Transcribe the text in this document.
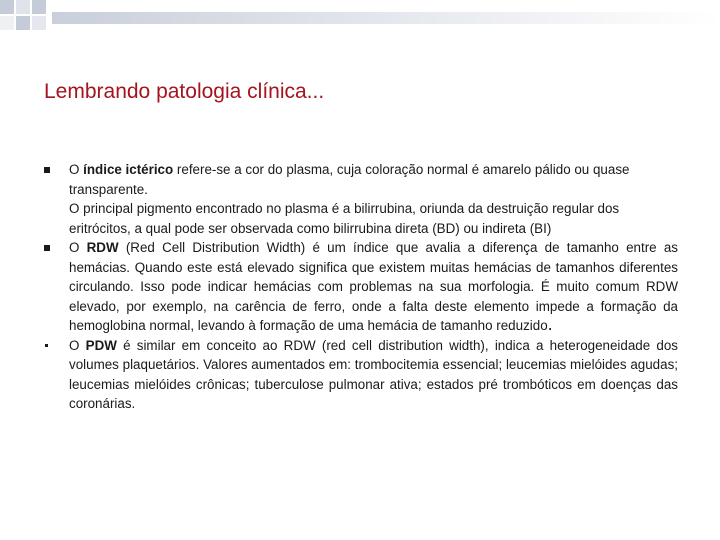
Lembrando patologia clínica...
O índice ictérico refere-se a cor do plasma, cuja coloração normal é amarelo pálido ou quase transparente.
O principal pigmento encontrado no plasma é a bilirrubina, oriunda da destruição regular dos eritrócitos, a qual pode ser observada como bilirrubina direta (BD) ou indireta (BI)
O RDW (Red Cell Distribution Width) é um índice que avalia a diferença de tamanho entre as hemácias. Quando este está elevado significa que existem muitas hemácias de tamanhos diferentes circulando. Isso pode indicar hemácias com problemas na sua morfologia. É muito comum RDW elevado, por exemplo, na carência de ferro, onde a falta deste elemento impede a formação da hemoglobina normal, levando à formação de uma hemácia de tamanho reduzido.
O PDW é similar em conceito ao RDW (red cell distribution width), indica a heterogeneidade dos volumes plaquetários. Valores aumentados em: trombocitemia essencial; leucemias mielóides agudas; leucemias mielóides crônicas; tuberculose pulmonar ativa; estados pré trombóticos em doenças das coronárias.
